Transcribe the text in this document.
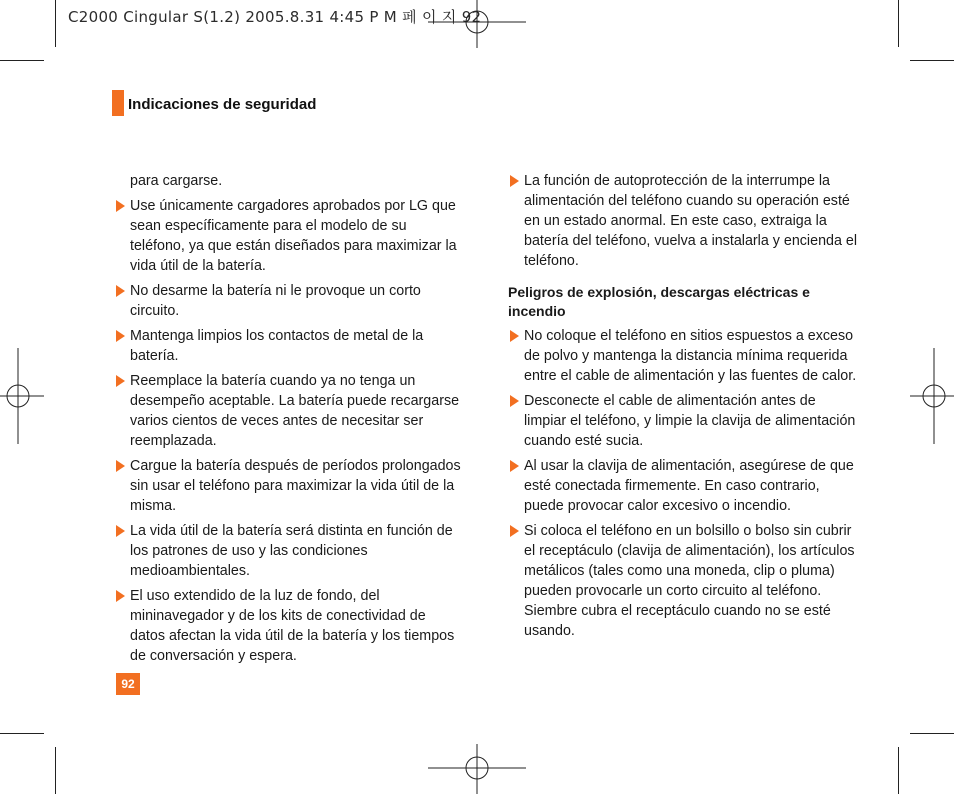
C2000 Cingular S(1.2) 2005.8.31 4:45 P M 페 이 지 92
Indicaciones de seguridad

para cargarse.

Use únicamente cargadores aprobados por LG que sean específicamente para el modelo de su teléfono, ya que están diseñados para maximizar la vida útil de la batería.
No desarme la batería ni le provoque un corto circuito.
Mantenga limpios los contactos de metal de la batería.
Reemplace la batería cuando ya no tenga un desempeño aceptable. La batería puede recargarse varios cientos de veces antes de necesitar ser reemplazada.
Cargue la batería después de períodos prolongados sin usar el teléfono para maximizar la vida útil de la misma.
La vida útil de la batería será distinta en función de los patrones de uso y las condiciones medioambientales.
El uso extendido de la luz de fondo, del mininavegador y de los kits de conectividad de datos afectan la vida útil de la batería y los tiempos de conversación y espera.
La función de autoprotección de la interrumpe la alimentación del teléfono cuando su operación esté en un estado anormal. En este caso, extraiga la batería del teléfono, vuelva a instalarla y encienda el teléfono.
Peligros de explosión, descargas eléctricas e incendio
No coloque el teléfono en sitios espuestos a exceso de polvo y mantenga la distancia mínima requerida entre el cable de alimentación y las fuentes de calor.
Desconecte el cable de alimentación antes de limpiar el teléfono, y limpie la clavija de alimentación cuando esté sucia.
Al usar la clavija de alimentación, asegúrese de que esté conectada firmemente. En caso contrario, puede provocar calor excesivo o incendio.
Si coloca el teléfono en un bolsillo o bolso sin cubrir el receptáculo (clavija de alimentación), los artículos metálicos (tales como una moneda, clip o pluma) pueden provocarle un corto circuito al teléfono. Siembre cubra el receptáculo cuando no se esté usando.
92
